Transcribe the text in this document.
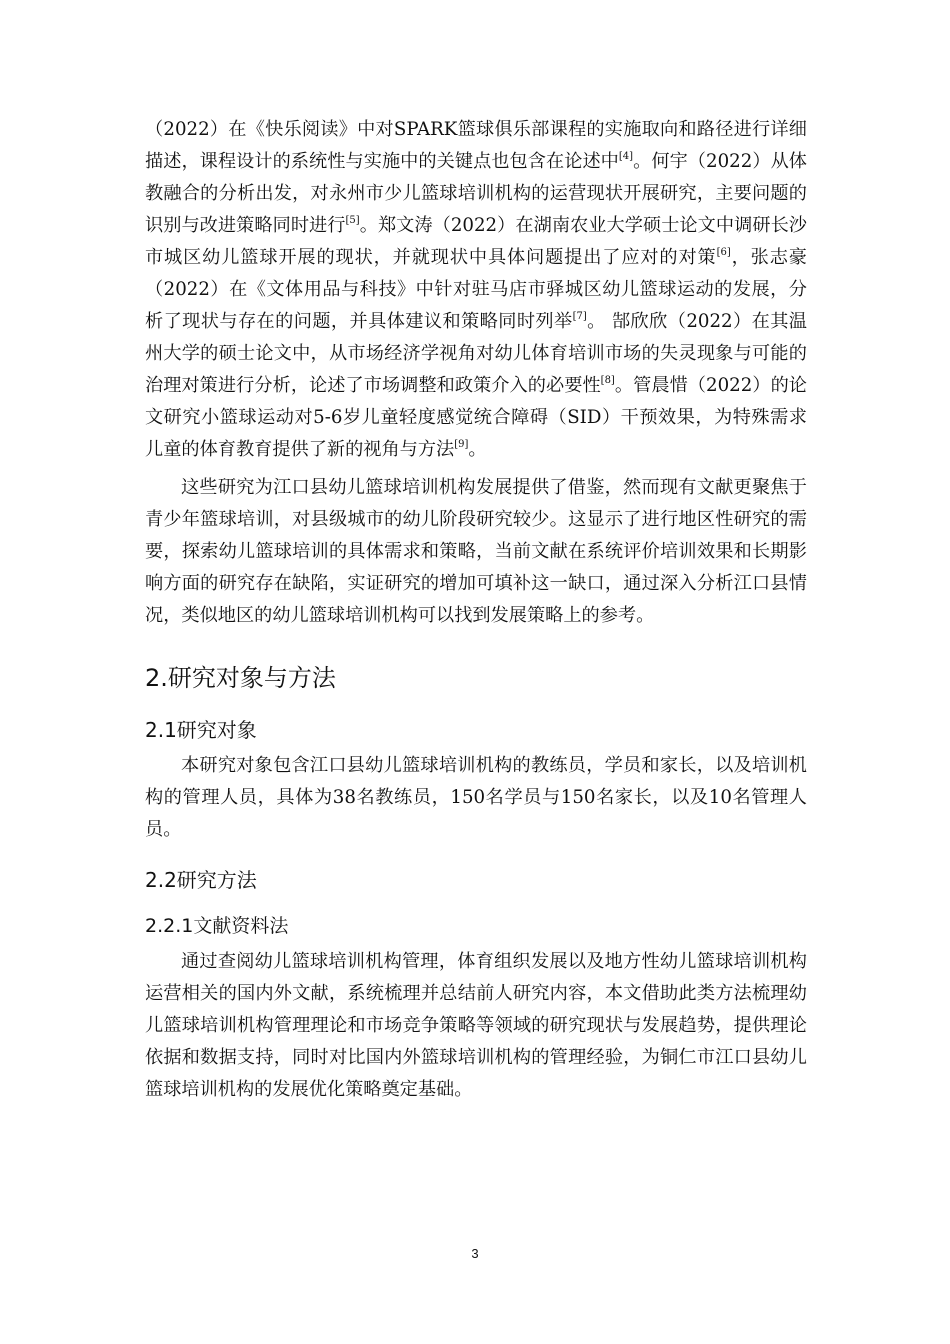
（2022）在《快乐阅读》中对SPARK篮球俱乐部课程的实施取向和路径进行详细描述，课程设计的系统性与实施中的关键点也包含在论述中[4]。何宇（2022）从体教融合的分析出发，对永州市少儿篮球培训机构的运营现状开展研究，主要问题的识别与改进策略同时进行[5]。郑文涛（2022）在湖南农业大学硕士论文中调研长沙市城区幼儿篮球开展的现状，并就现状中具体问题提出了应对的对策[6]，张志豪（2022）在《文体用品与科技》中针对驻马店市驿城区幼儿篮球运动的发展，分析了现状与存在的问题，并具体建议和策略同时列举[7]。 郜欣欣（2022）在其温州大学的硕士论文中，从市场经济学视角对幼儿体育培训市场的失灵现象与可能的治理对策进行分析，论述了市场调整和政策介入的必要性[8]。管晨惜（2022）的论文研究小篮球运动对5-6岁儿童轻度感觉统合障碍（SID）干预效果，为特殊需求儿童的体育教育提供了新的视角与方法[9]。

这些研究为江口县幼儿篮球培训机构发展提供了借鉴，然而现有文献更聚焦于青少年篮球培训，对县级城市的幼儿阶段研究较少。这显示了进行地区性研究的需要，探索幼儿篮球培训的具体需求和策略，当前文献在系统评价培训效果和长期影响方面的研究存在缺陷，实证研究的增加可填补这一缺口，通过深入分析江口县情况，类似地区的幼儿篮球培训机构可以找到发展策略上的参考。

2.研究对象与方法
2.1研究对象

本研究对象包含江口县幼儿篮球培训机构的教练员，学员和家长，以及培训机构的管理人员，具体为38名教练员，150名学员与150名家长，以及10名管理人员。

2.2研究方法
2.2.1文献资料法

通过查阅幼儿篮球培训机构管理，体育组织发展以及地方性幼儿篮球培训机构运营相关的国内外文献，系统梳理并总结前人研究内容，本文借助此类方法梳理幼儿篮球培训机构管理理论和市场竞争策略等领域的研究现状与发展趋势，提供理论依据和数据支持，同时对比国内外篮球培训机构的管理经验，为铜仁市江口县幼儿篮球培训机构的发展优化策略奠定基础。

3
